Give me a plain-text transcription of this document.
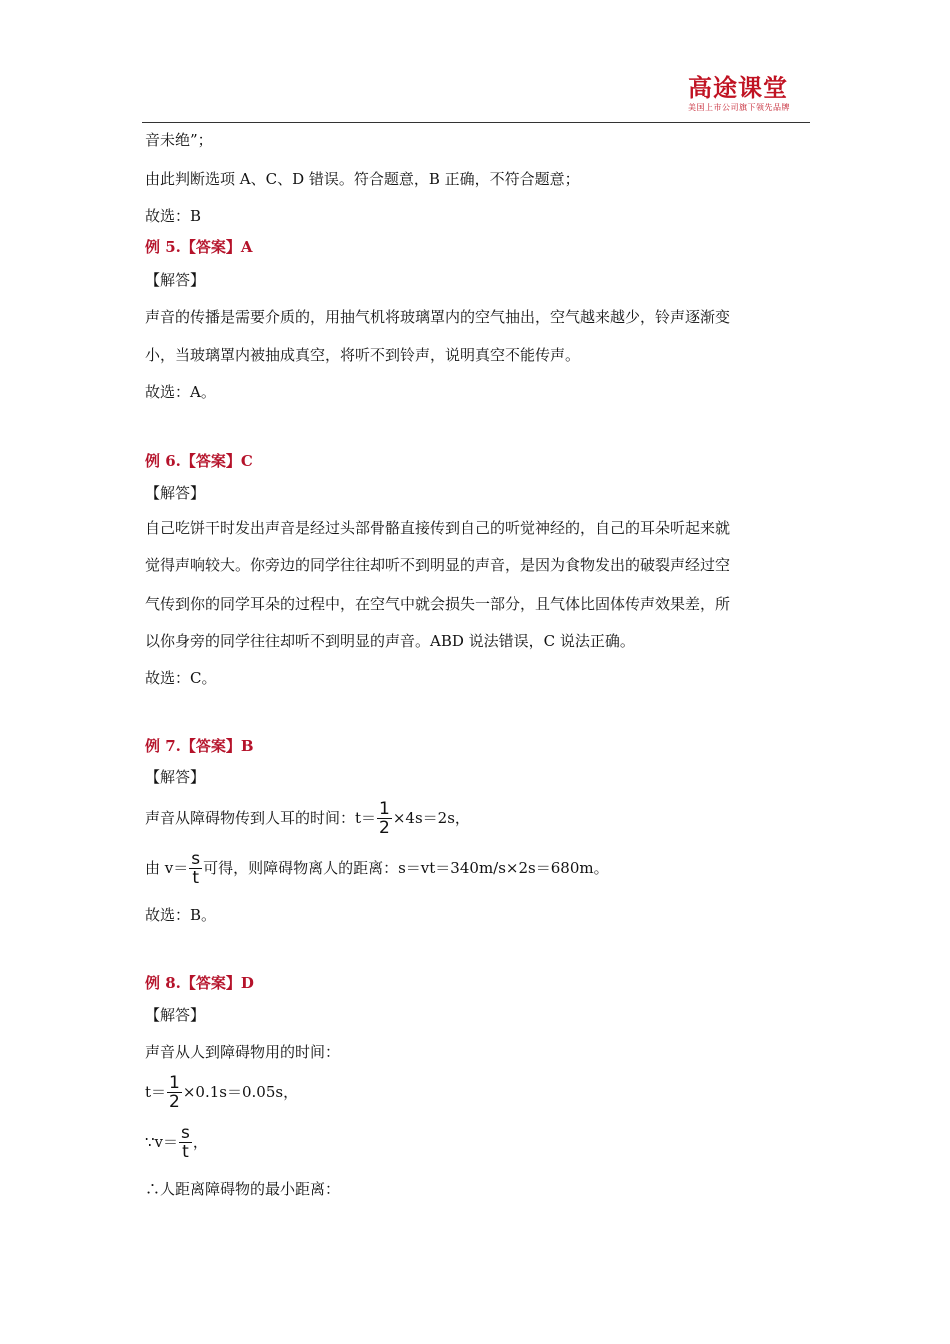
高途课堂
美国上市公司旗下领先品牌
音未绝”；
由此判断选项 A、C、D 错误。符合题意，B 正确，不符合题意；
故选：B
例 5.【答案】A
【解答】
声音的传播是需要介质的，用抽气机将玻璃罩内的空气抽出，空气越来越少，铃声逐渐变
小，当玻璃罩内被抽成真空，将听不到铃声，说明真空不能传声。
故选：A。
例 6.【答案】C
【解答】
自己吃饼干时发出声音是经过头部骨骼直接传到自己的听觉神经的，自己的耳朵听起来就
觉得声响较大。你旁边的同学往往却听不到明显的声音，是因为食物发出的破裂声经过空
气传到你的同学耳朵的过程中，在空气中就会损失一部分，且气体比固体传声效果差，所
以你身旁的同学往往却听不到明显的声音。ABD 说法错误，C 说法正确。
故选：C。
例 7.【答案】B
【解答】
声音从障碍物传到人耳的时间：$t= \frac{1}{2} \times 4s=2s$，
由 $v= \frac{s}{t}$ 可得，则障碍物离人的距离：s＝vt＝340m/s×2s＝680m。
故选：B。
例 8.【答案】D
【解答】
声音从人到障碍物用的时间：
$t= \frac{1}{2} \times 0.1s=0.05s$，
∵v＝ $\frac{s}{t}$ ，
∴人距离障碍物的最小距离：
